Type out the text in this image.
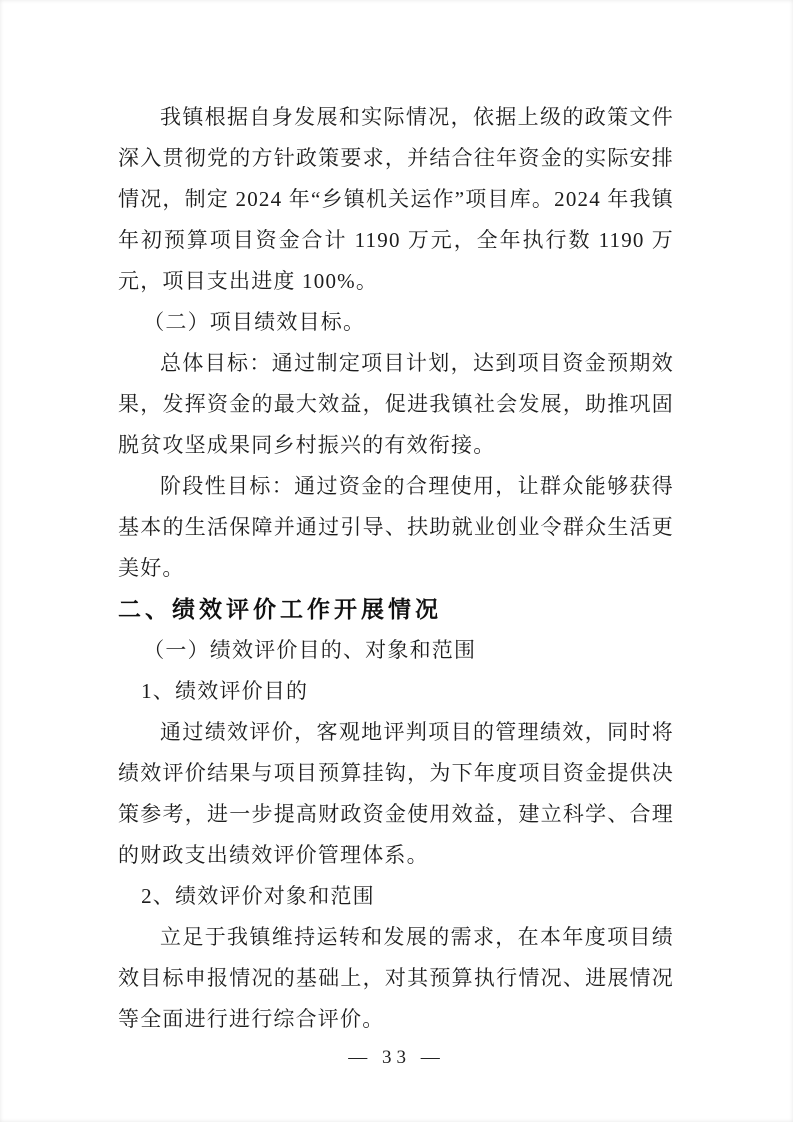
我镇根据自身发展和实际情况，依据上级的政策文件深入贯彻党的方针政策要求，并结合往年资金的实际安排情况，制定 2024 年“乡镇机关运作”项目库。2024 年我镇年初预算项目资金合计 1190 万元，全年执行数 1190 万元，项目支出进度 100%。

（二）项目绩效目标。

总体目标：通过制定项目计划，达到项目资金预期效果，发挥资金的最大效益，促进我镇社会发展，助推巩固脱贫攻坚成果同乡村振兴的有效衔接。

阶段性目标：通过资金的合理使用，让群众能够获得基本的生活保障并通过引导、扶助就业创业令群众生活更美好。

二、绩效评价工作开展情况

（一）绩效评价目的、对象和范围

1、绩效评价目的

通过绩效评价，客观地评判项目的管理绩效，同时将绩效评价结果与项目预算挂钩，为下年度项目资金提供决策参考，进一步提高财政资金使用效益，建立科学、合理的财政支出绩效评价管理体系。

2、绩效评价对象和范围

立足于我镇维持运转和发展的需求，在本年度项目绩效目标申报情况的基础上，对其预算执行情况、进展情况等全面进行进行综合评价。

— 33 —
